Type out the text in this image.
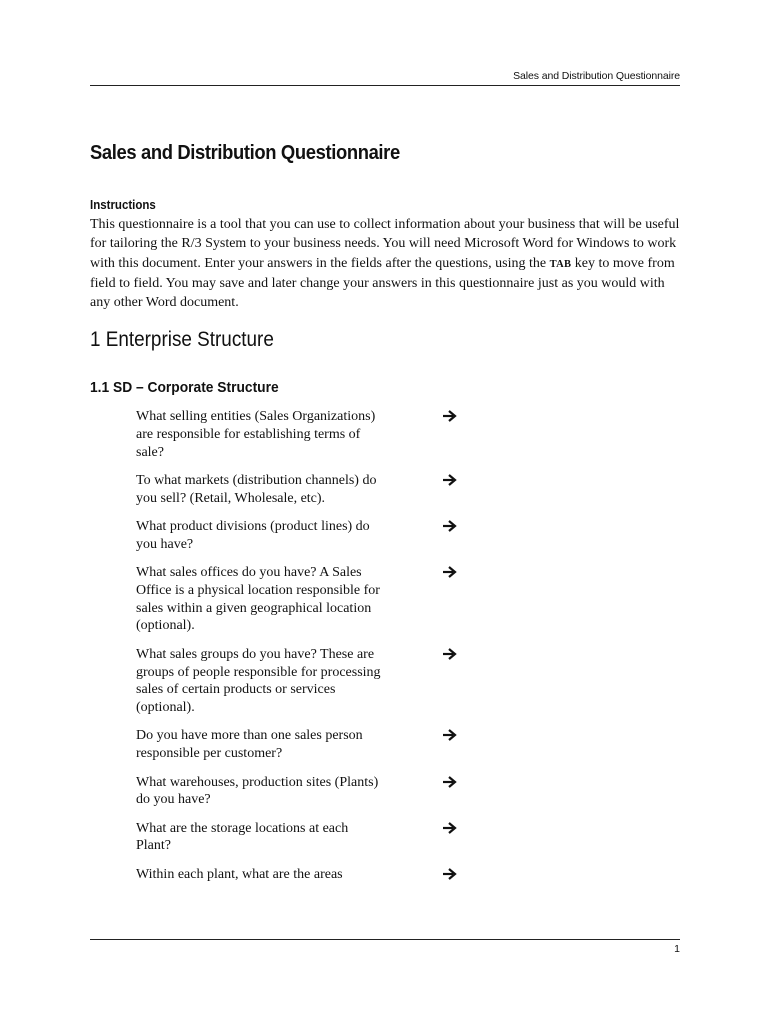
Sales and Distribution Questionnaire
Sales and Distribution Questionnaire
Instructions

This questionnaire is a tool that you can use to collect information about your business that will be useful for tailoring the R/3 System to your business needs. You will need Microsoft Word for Windows to work with this document. Enter your answers in the fields after the questions, using the TAB key to move from field to field. You may save and later change your answers in this questionnaire just as you would with any other Word document.

1 Enterprise Structure
1.1 SD – Corporate Structure
What selling entities (Sales Organizations) are responsible for establishing terms of sale?
To what markets (distribution channels) do you sell? (Retail, Wholesale, etc).
What product divisions (product lines) do you have?
What sales offices do you have? A Sales Office is a physical location responsible for sales within a given geographical location (optional).
What sales groups do you have? These are groups of people responsible for processing sales of certain products or services (optional).
Do you have more than one sales person responsible per customer?
What warehouses, production sites (Plants) do you have?
What are the storage locations at each Plant?
Within each plant, what are the areas
1
